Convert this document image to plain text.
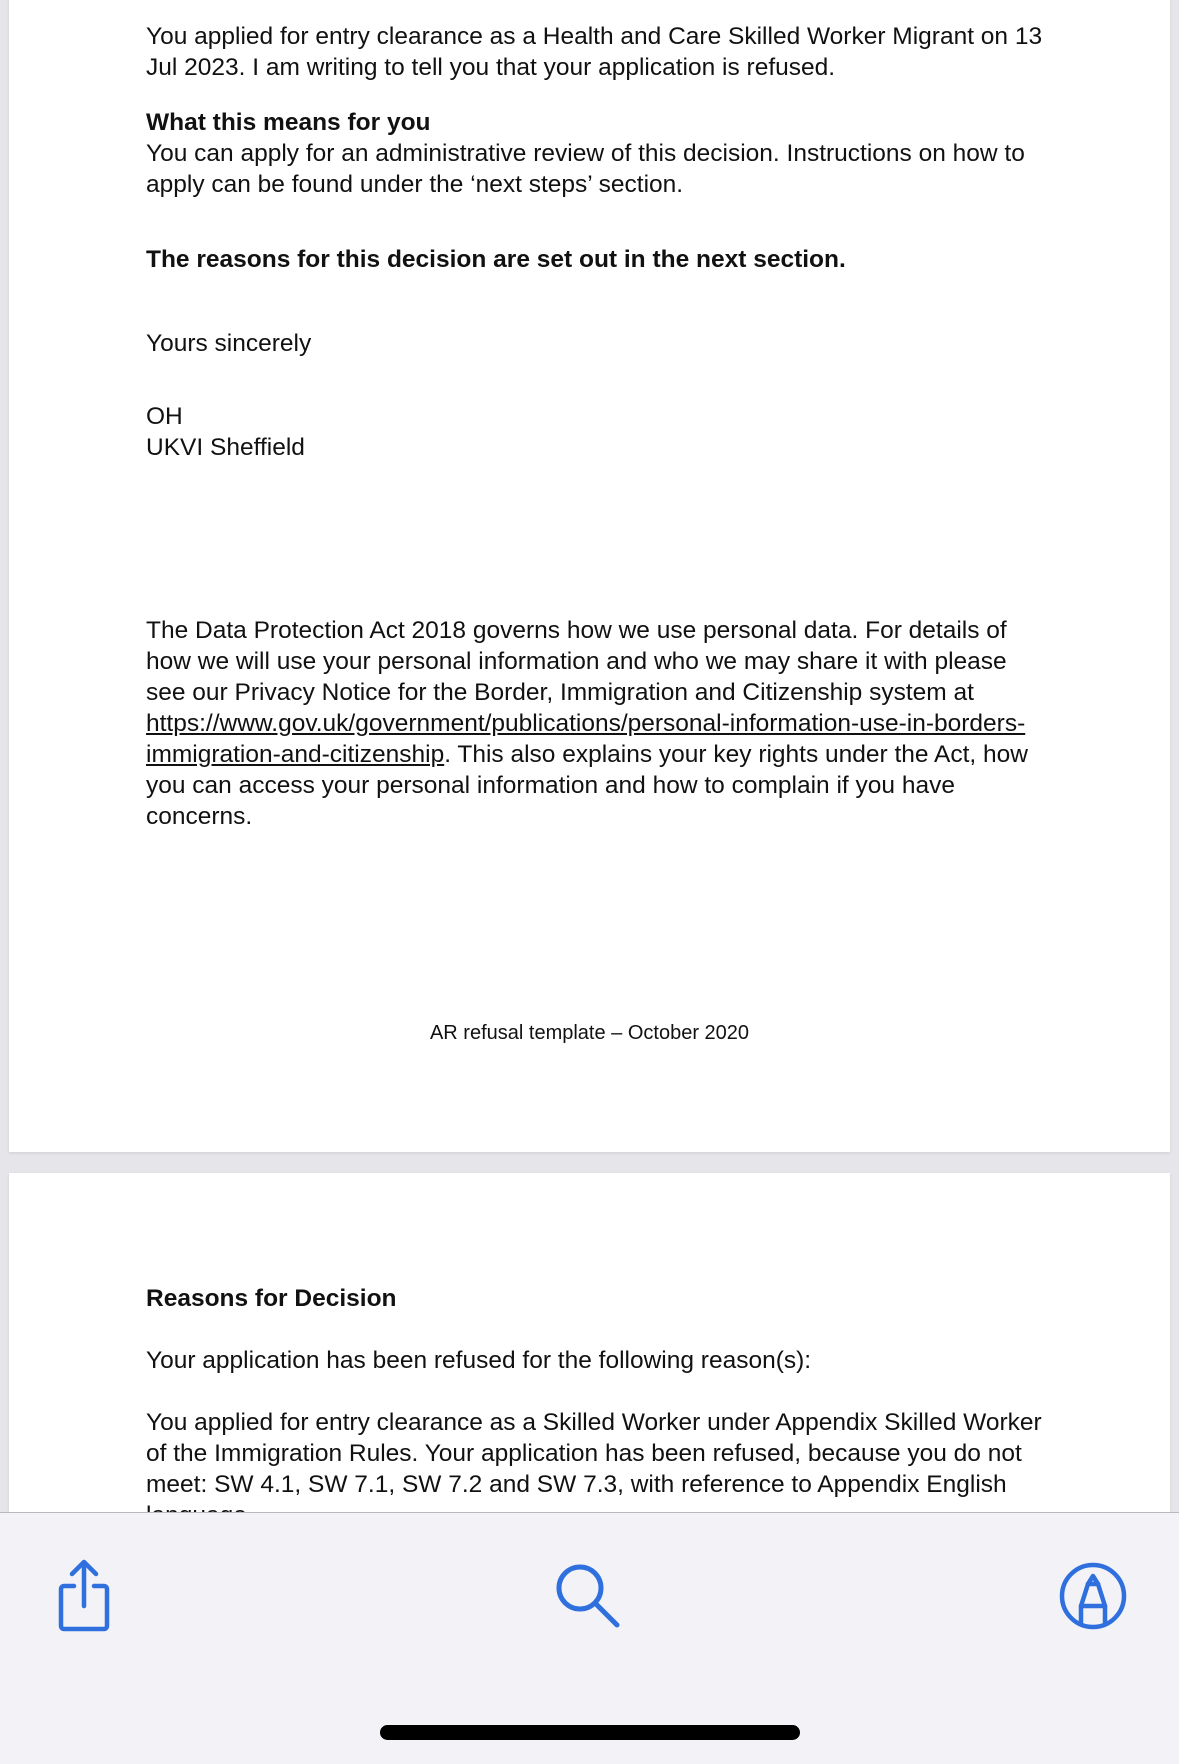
You applied for entry clearance as a Health and Care Skilled Worker Migrant on 13 Jul 2023. I am writing to tell you that your application is refused.

What this means for you

You can apply for an administrative review of this decision. Instructions on how to apply can be found under the ‘next steps’ section.

The reasons for this decision are set out in the next section.

Yours sincerely

OH

UKVI Sheffield

The Data Protection Act 2018 governs how we use personal data. For details of how we will use your personal information and who we may share it with please see our Privacy Notice for the Border, Immigration and Citizenship system at https://www.gov.uk/government/publications/personal-information-use-in-borders-immigration-and-citizenship. This also explains your key rights under the Act, how you can access your personal information and how to complain if you have concerns.

AR refusal template – October 2020

Reasons for Decision

Your application has been refused for the following reason(s):

You applied for entry clearance as a Skilled Worker under Appendix Skilled Worker of the Immigration Rules. Your application has been refused, because you do not meet: SW 4.1, SW 7.1, SW 7.2 and SW 7.3, with reference to Appendix English
